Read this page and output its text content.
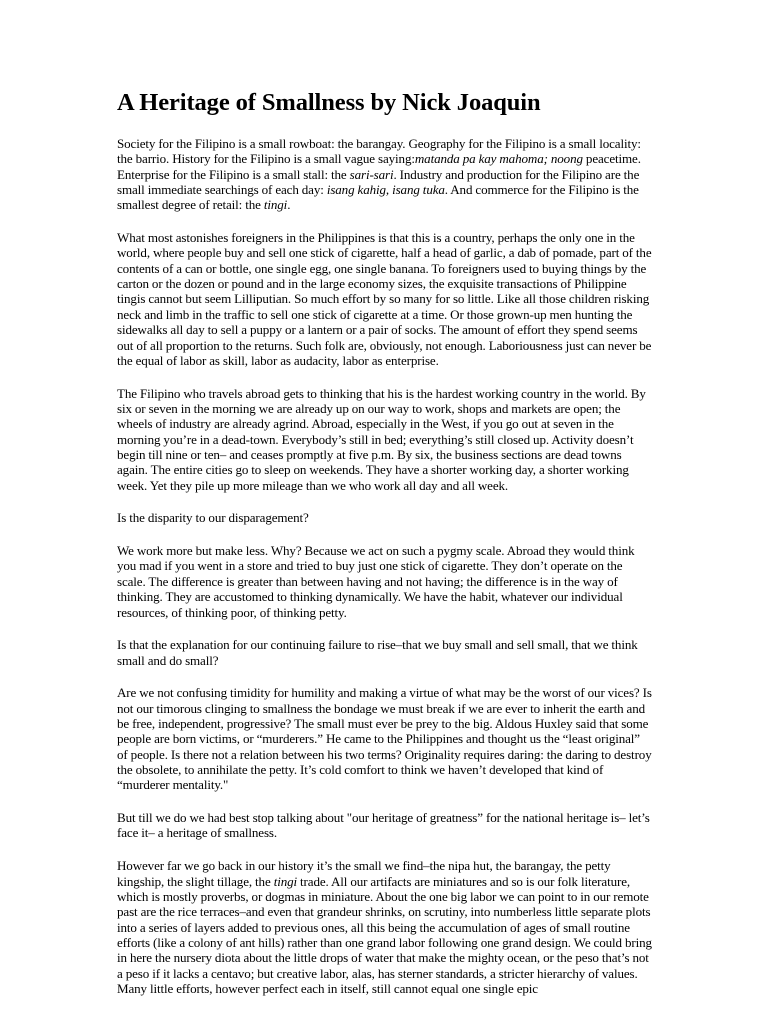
A Heritage of Smallness by Nick Joaquin

Society for the Filipino is a small rowboat: the barangay. Geography for the Filipino is a small locality: the barrio. History for the Filipino is a small vague saying:matanda pa kay mahoma; noong peacetime. Enterprise for the Filipino is a small stall: the sari-sari. Industry and production for the Filipino are the small immediate searchings of each day: isang kahig, isang tuka. And commerce for the Filipino is the smallest degree of retail: the tingi.

What most astonishes foreigners in the Philippines is that this is a country, perhaps the only one in the world, where people buy and sell one stick of cigarette, half a head of garlic, a dab of pomade, part of the contents of a can or bottle, one single egg, one single banana. To foreigners used to buying things by the carton or the dozen or pound and in the large economy sizes, the exquisite transactions of Philippine tingis cannot but seem Lilliputian. So much effort by so many for so little. Like all those children risking neck and limb in the traffic to sell one stick of cigarette at a time. Or those grown-up men hunting the sidewalks all day to sell a puppy or a lantern or a pair of socks. The amount of effort they spend seems out of all proportion to the returns. Such folk are, obviously, not enough. Laboriousness just can never be the equal of labor as skill, labor as audacity, labor as enterprise.

The Filipino who travels abroad gets to thinking that his is the hardest working country in the world. By six or seven in the morning we are already up on our way to work, shops and markets are open; the wheels of industry are already agrind. Abroad, especially in the West, if you go out at seven in the morning you’re in a dead-town. Everybody’s still in bed; everything’s still closed up. Activity doesn’t begin till nine or ten– and ceases promptly at five p.m. By six, the business sections are dead towns again. The entire cities go to sleep on weekends. They have a shorter working day, a shorter working week. Yet they pile up more mileage than we who work all day and all week.

Is the disparity to our disparagement?

We work more but make less. Why? Because we act on such a pygmy scale. Abroad they would think you mad if you went in a store and tried to buy just one stick of cigarette. They don’t operate on the scale. The difference is greater than between having and not having; the difference is in the way of thinking. They are accustomed to thinking dynamically. We have the habit, whatever our individual resources, of thinking poor, of thinking petty.

Is that the explanation for our continuing failure to rise–that we buy small and sell small, that we think small and do small?

Are we not confusing timidity for humility and making a virtue of what may be the worst of our vices? Is not our timorous clinging to smallness the bondage we must break if we are ever to inherit the earth and be free, independent, progressive? The small must ever be prey to the big. Aldous Huxley said that some people are born victims, or “murderers.” He came to the Philippines and thought us the “least original” of people. Is there not a relation between his two terms? Originality requires daring: the daring to destroy the obsolete, to annihilate the petty. It’s cold comfort to think we haven’t developed that kind of “murderer mentality."

But till we do we had best stop talking about "our heritage of greatness” for the national heritage is– let’s face it– a heritage of smallness.

However far we go back in our history it’s the small we find–the nipa hut, the barangay, the petty kingship, the slight tillage, the tingi trade. All our artifacts are miniatures and so is our folk literature, which is mostly proverbs, or dogmas in miniature. About the one big labor we can point to in our remote past are the rice terraces–and even that grandeur shrinks, on scrutiny, into numberless little separate plots into a series of layers added to previous ones, all this being the accumulation of ages of small routine efforts (like a colony of ant hills) rather than one grand labor following one grand design. We could bring in here the nursery diota about the little drops of water that make the mighty ocean, or the peso that’s not a peso if it lacks a centavo; but creative labor, alas, has sterner standards, a stricter hierarchy of values. Many little efforts, however perfect each in itself, still cannot equal one single epic
